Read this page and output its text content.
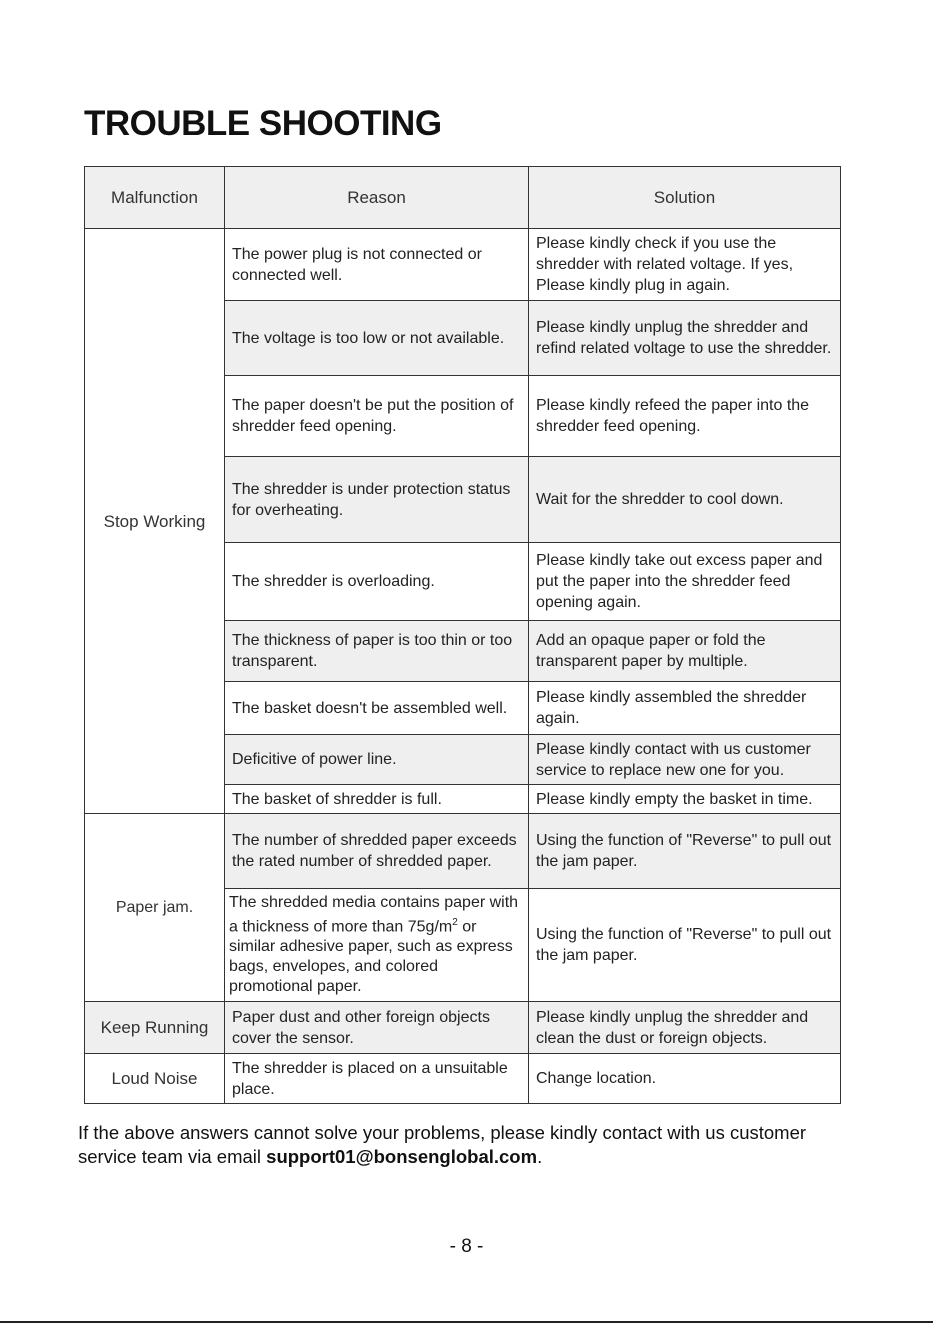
TROUBLE SHOOTING
Malfunction	Reason	Solution
Stop Working	The power plug is not connected or connected well.	Please kindly check if you use the shredder with related voltage. If yes, Please kindly plug in again.
	The voltage is too low or not available.	Please kindly unplug the shredder and refind related voltage to use the shredder.
	The paper doesn't be put the position of shredder feed opening.	Please kindly refeed the paper into the shredder feed opening.
	The shredder is under protection status for overheating.	Wait for the shredder to cool down.
	The shredder is overloading.	Please kindly take out excess paper and put the paper into the shredder feed opening again.
	The thickness of paper is too thin or too transparent.	Add an opaque paper or fold the transparent paper by multiple.
	The basket doesn't be assembled well.	Please kindly assembled the shredder again.
	Deficitive of power line.	Please kindly contact with us customer service to replace new one for you.
	The basket of shredder is full.	Please kindly empty the basket in time.
Paper jam.	The number of shredded paper exceeds the rated number of shredded paper.	Using the function of "Reverse" to pull out the jam paper.
	The shredded media contains paper with a thickness of more than $75g/m^2$ or similar adhesive paper, such as express bags, envelopes, and colored promotional paper.	Using the function of "Reverse" to pull out the jam paper.
Keep Running	Paper dust and other foreign objects cover the sensor.	Please kindly unplug the shredder and clean the dust or foreign objects.
Loud Noise	The shredder is placed on a unsuitable place.	Change location.

If the above answers cannot solve your problems, please kindly contact with us customer service team via email support01@bonsenglobal.com.

- 8 -
